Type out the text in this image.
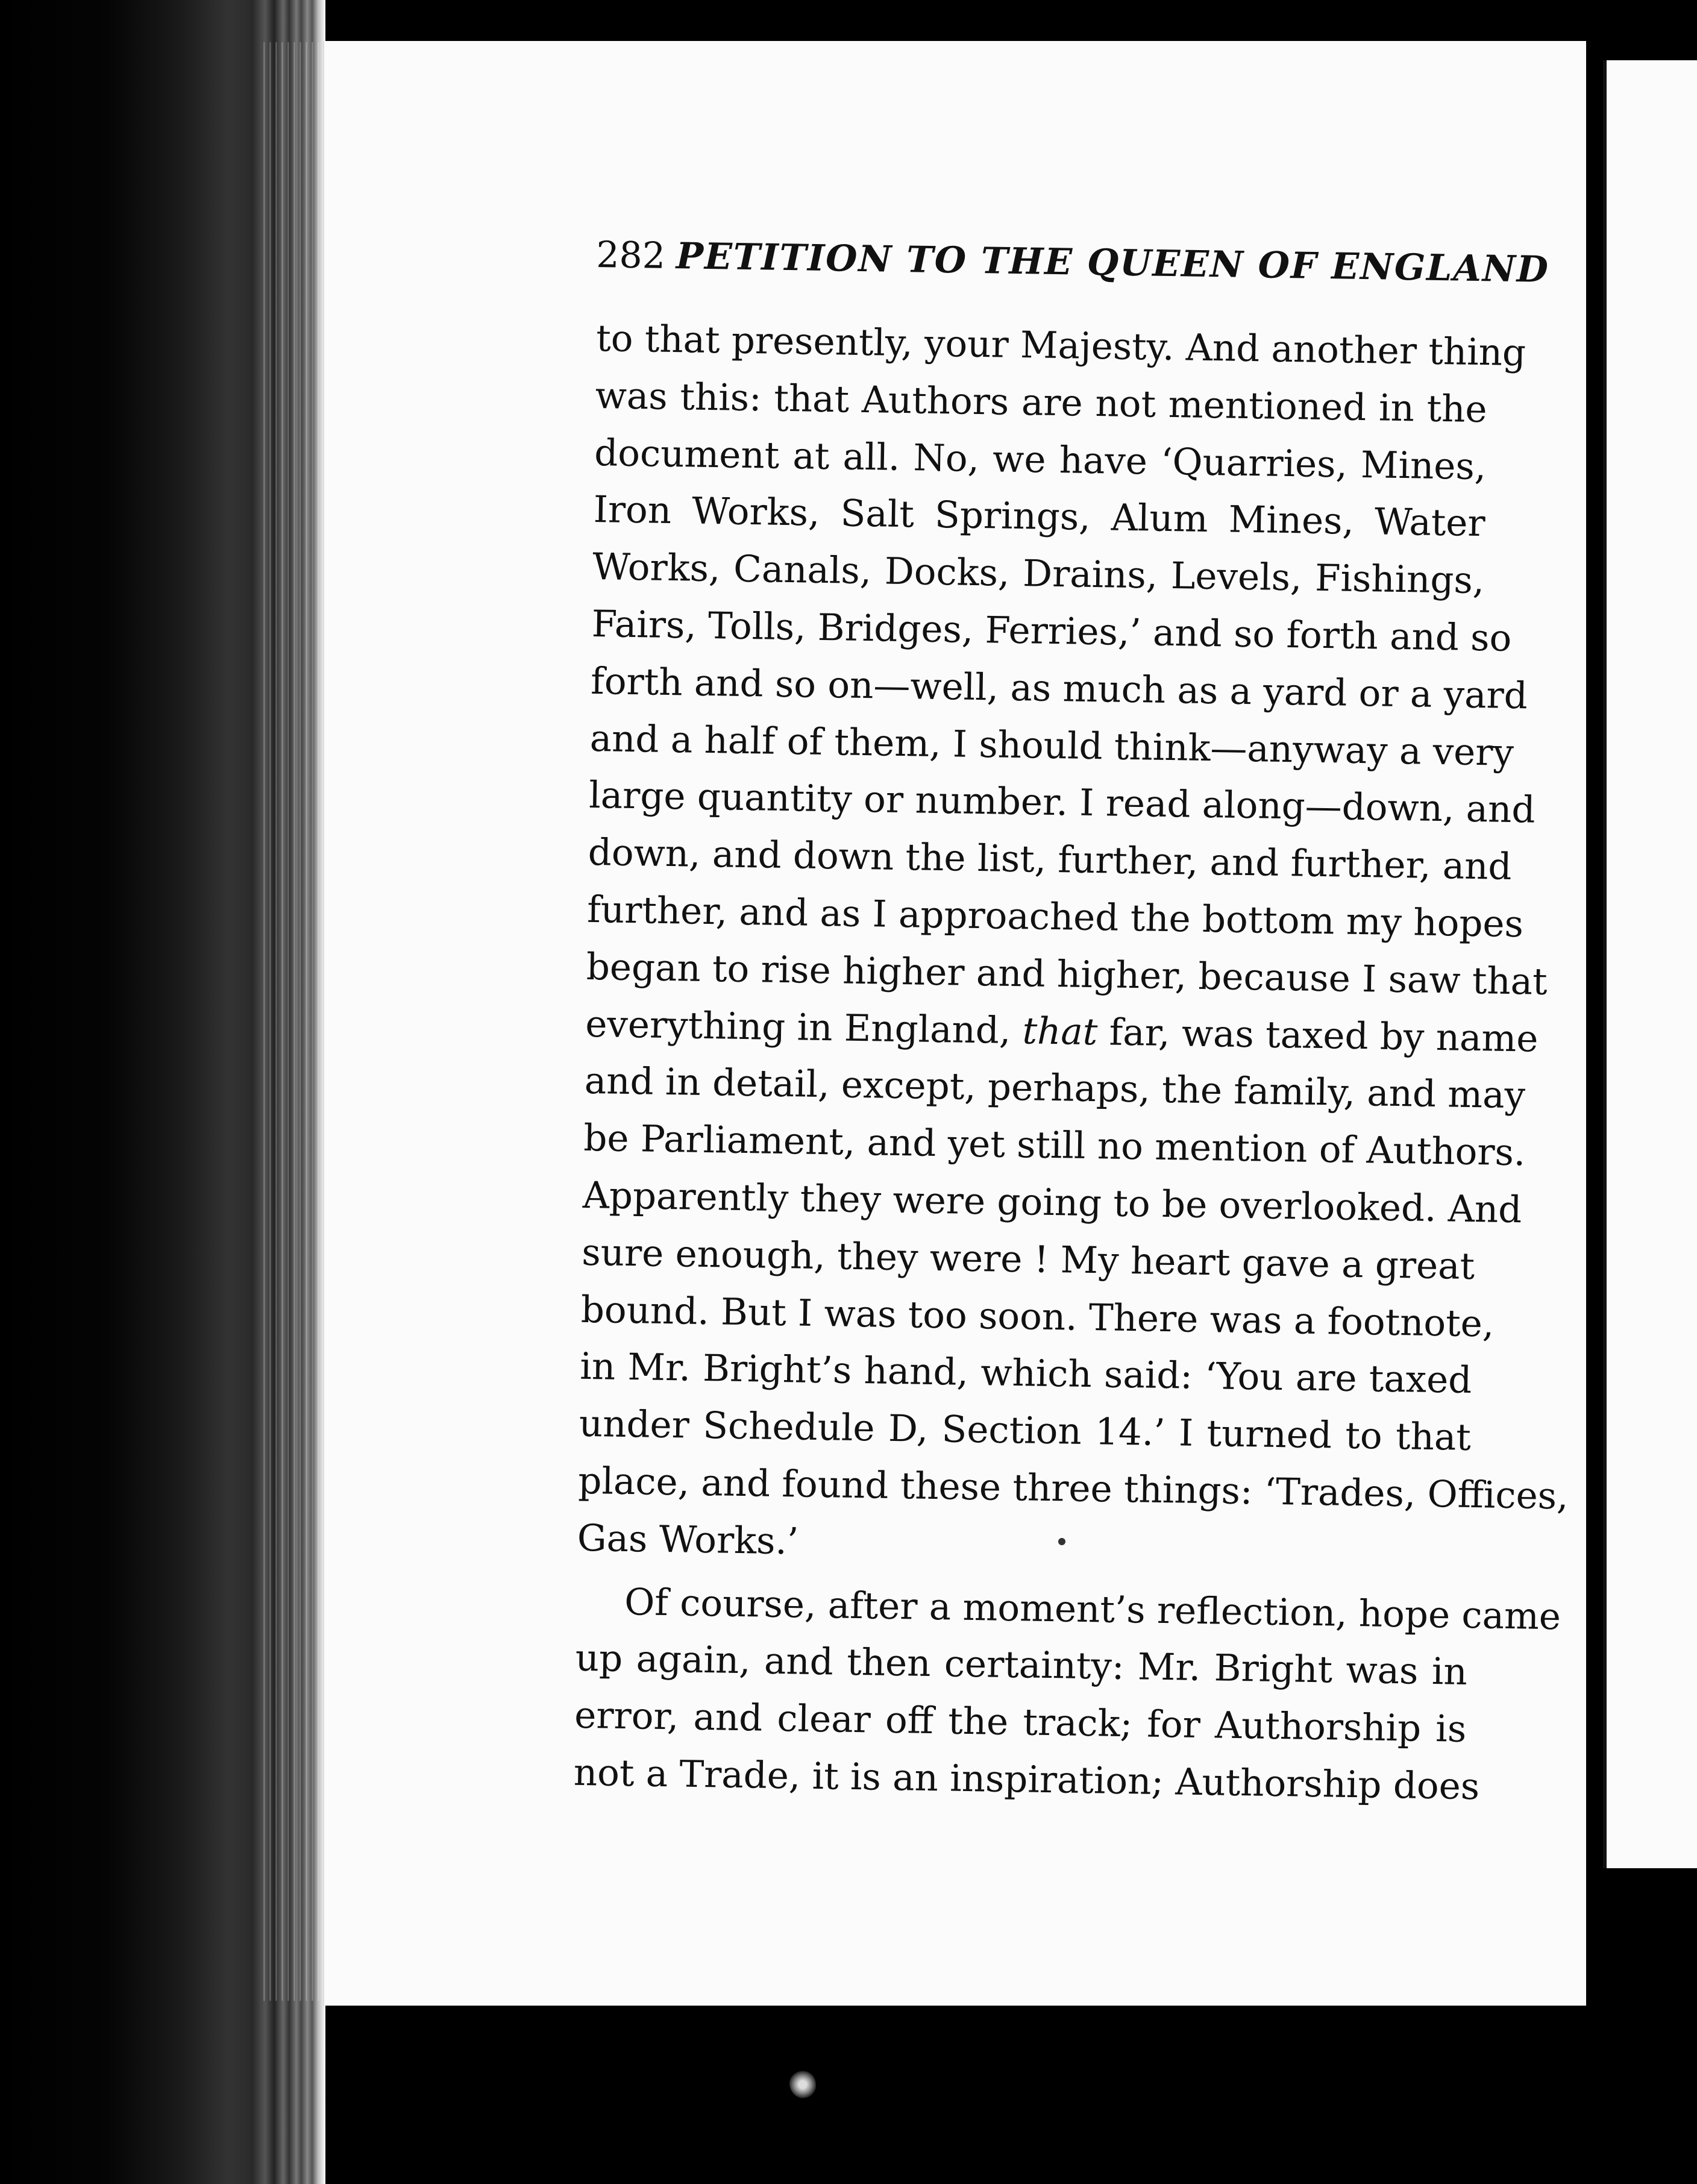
282 PETITION TO THE QUEEN OF ENGLAND
to that presently, your Majesty. And another thing
was this: that Authors are not mentioned in the
document at all. No, we have ‘Quarries, Mines,
Iron Works, Salt Springs, Alum Mines, Water
Works, Canals, Docks, Drains, Levels, Fishings,
Fairs, Tolls, Bridges, Ferries,’ and so forth and so
forth and so on—well, as much as a yard or a yard
and a half of them, I should think—anyway a very
large quantity or number. I read along—down, and
down, and down the list, further, and further, and
further, and as I approached the bottom my hopes
began to rise higher and higher, because I saw that
everything in England, that far, was taxed by name
and in detail, except, perhaps, the family, and may
be Parliament, and yet still no mention of Authors.
Apparently they were going to be overlooked. And
sure enough, they were ! My heart gave a great
bound. But I was too soon. There was a footnote,
in Mr. Bright’s hand, which said: ‘You are taxed
under Schedule D, Section 14.’ I turned to that
place, and found these three things: ‘Trades, Offices,
Gas Works.’
Of course, after a moment’s reflection, hope came
up again, and then certainty: Mr. Bright was in
error, and clear off the track; for Authorship is
not a Trade, it is an inspiration; Authorship does
